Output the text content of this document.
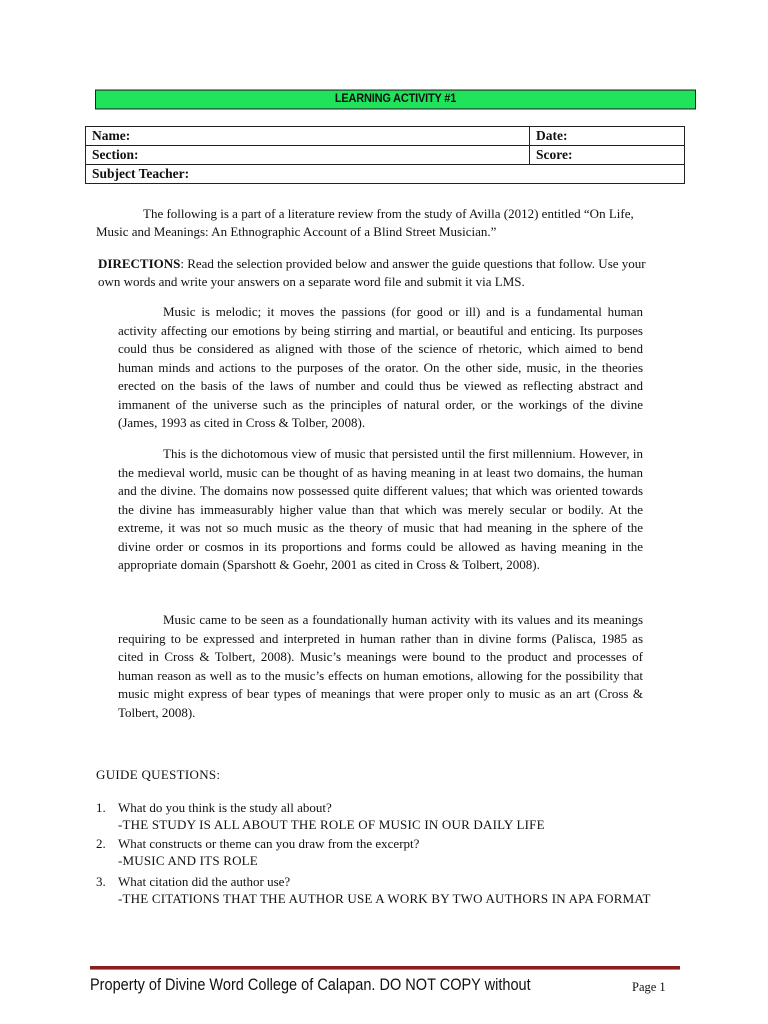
LEARNING ACTIVITY #1
Name:	Date:
Section:	Score:
Subject Teacher:	
The following is a part of a literature review from the study of Avilla (2012) entitled “On Life, Music and Meanings: An Ethnographic Account of a Blind Street Musician.”
DIRECTIONS: Read the selection provided below and answer the guide questions that follow. Use your own words and write your answers on a separate word file and submit it via LMS.
Music is melodic; it moves the passions (for good or ill) and is a fundamental human activity affecting our emotions by being stirring and martial, or beautiful and enticing. Its purposes could thus be considered as aligned with those of the science of rhetoric, which aimed to bend human minds and actions to the purposes of the orator. On the other side, music, in the theories erected on the basis of the laws of number and could thus be viewed as reflecting abstract and immanent of the universe such as the principles of natural order, or the workings of the divine (James, 1993 as cited in Cross & Tolber, 2008).
This is the dichotomous view of music that persisted until the first millennium. However, in the medieval world, music can be thought of as having meaning in at least two domains, the human and the divine. The domains now possessed quite different values; that which was oriented towards the divine has immeasurably higher value than that which was merely secular or bodily. At the extreme, it was not so much music as the theory of music that had meaning in the sphere of the divine order or cosmos in its proportions and forms could be allowed as having meaning in the appropriate domain (Sparshott & Goehr, 2001 as cited in Cross & Tolbert, 2008).
Music came to be seen as a foundationally human activity with its values and its meanings requiring to be expressed and interpreted in human rather than in divine forms (Palisca, 1985 as cited in Cross & Tolbert, 2008). Music’s meanings were bound to the product and processes of human reason as well as to the music’s effects on human emotions, allowing for the possibility that music might express of bear types of meanings that were proper only to music as an art (Cross & Tolbert, 2008).
GUIDE QUESTIONS:
1. What do you think is the study all about?
-THE STUDY IS ALL ABOUT THE ROLE OF MUSIC IN OUR DAILY LIFE
2. What constructs or theme can you draw from the excerpt?
-MUSIC AND ITS ROLE
3. What citation did the author use?
-THE CITATIONS THAT THE AUTHOR USE A WORK BY TWO AUTHORS IN APA FORMAT
Property of Divine Word College of Calapan. DO NOT COPY without	Page 1
